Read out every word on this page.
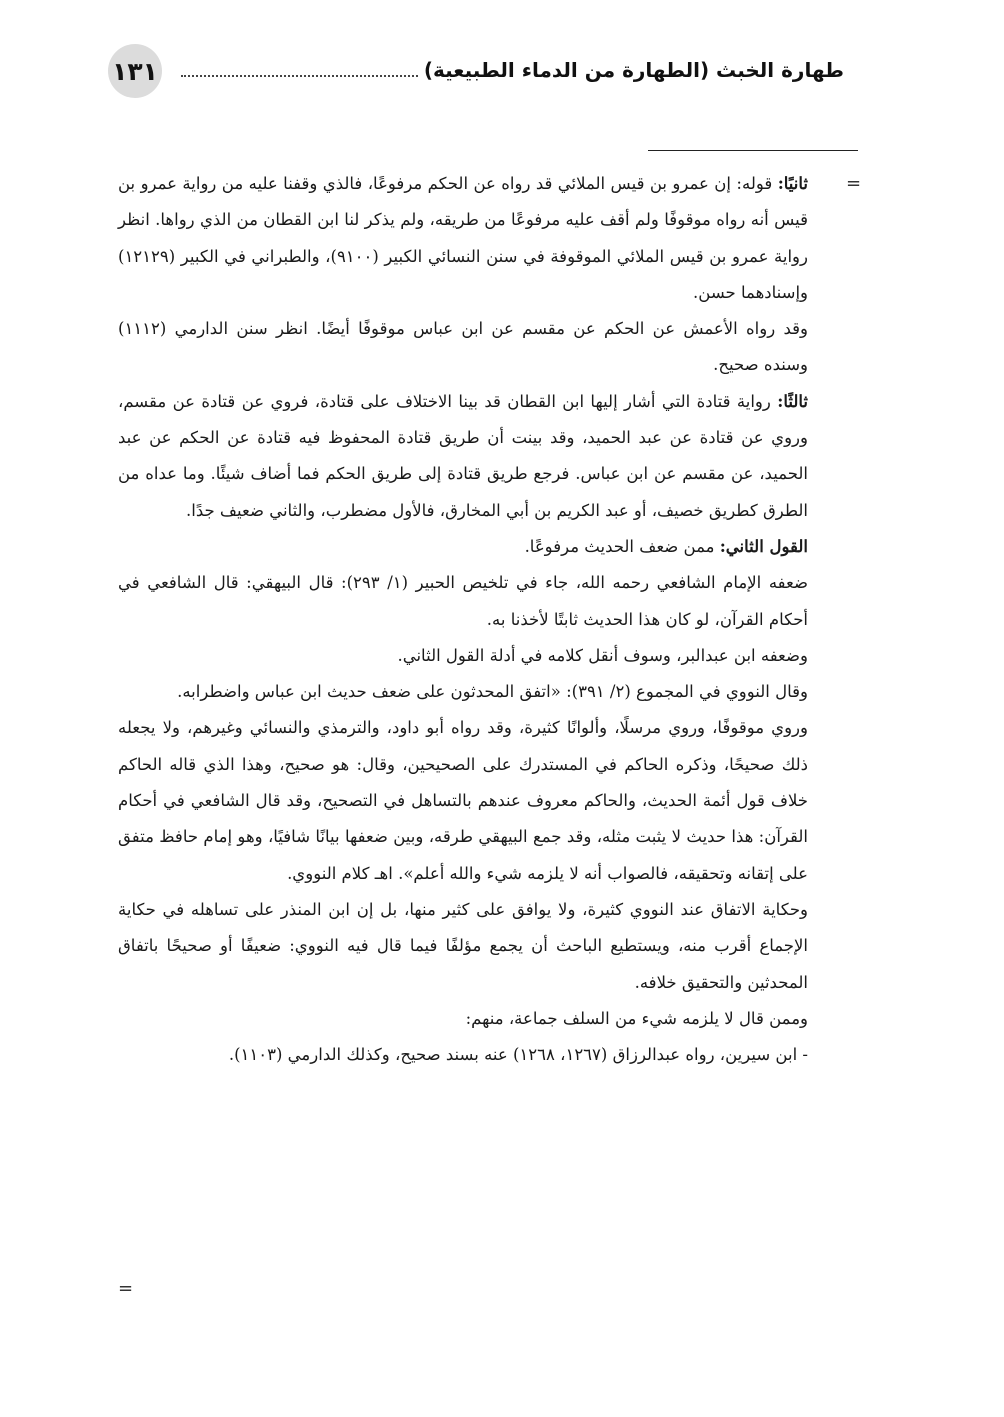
١٣١	طهارة الخبث (الطهارة من الدماء الطبيعية)
=

ثانيًا: قوله: إن عمرو بن قيس الملائي قد رواه عن الحكم مرفوعًا، فالذي وقفنا عليه من رواية عمرو بن قيس أنه رواه موقوفًا ولم أقف عليه مرفوعًا من طريقه، ولم يذكر لنا ابن القطان من الذي رواها. انظر رواية عمرو بن قيس الملائي الموقوفة في سنن النسائي الكبير (٩١٠٠)، والطبراني في الكبير (١٢١٢٩) وإسنادهما حسن.

وقد رواه الأعمش عن الحكم عن مقسم عن ابن عباس موقوفًا أيضًا. انظر سنن الدارمي (١١١٢) وسنده صحيح.

ثالثًا: رواية قتادة التي أشار إليها ابن القطان قد بينا الاختلاف على قتادة، فروي عن قتادة عن مقسم، وروي عن قتادة عن عبد الحميد، وقد بينت أن طريق قتادة المحفوظ فيه قتادة عن الحكم عن عبد الحميد، عن مقسم عن ابن عباس. فرجع طريق قتادة إلى طريق الحكم فما أضاف شيئًا. وما عداه من الطرق كطريق خصيف، أو عبد الكريم بن أبي المخارق، فالأول مضطرب، والثاني ضعيف جدًا.

القول الثاني: ممن ضعف الحديث مرفوعًا.

ضعفه الإمام الشافعي رحمه الله، جاء في تلخيص الحبير (١/ ٢٩٣): قال البيهقي: قال الشافعي في أحكام القرآن، لو كان هذا الحديث ثابتًا لأخذنا به.

وضعفه ابن عبدالبر، وسوف أنقل كلامه في أدلة القول الثاني.

وقال النووي في المجموع (٢/ ٣٩١): «اتفق المحدثون على ضعف حديث ابن عباس واضطرابه.

وروي موقوفًا، وروي مرسلًا، وألوانًا كثيرة، وقد رواه أبو داود، والترمذي والنسائي وغيرهم، ولا يجعله ذلك صحيحًا، وذكره الحاكم في المستدرك على الصحيحين، وقال: هو صحيح، وهذا الذي قاله الحاكم خلاف قول أئمة الحديث، والحاكم معروف عندهم بالتساهل في التصحيح، وقد قال الشافعي في أحكام القرآن: هذا حديث لا يثبت مثله، وقد جمع البيهقي طرقه، وبين ضعفها بيانًا شافيًا، وهو إمام حافظ متفق على إتقانه وتحقيقه، فالصواب أنه لا يلزمه شيء والله أعلم». اهـ كلام النووي.

وحكاية الاتفاق عند النووي كثيرة، ولا يوافق على كثير منها، بل إن ابن المنذر على تساهله في حكاية الإجماع أقرب منه، ويستطيع الباحث أن يجمع مؤلفًا فيما قال فيه النووي: ضعيفًا أو صحيحًا باتفاق المحدثين والتحقيق خلافه.

وممن قال لا يلزمه شيء من السلف جماعة، منهم:

- ابن سيرين، رواه عبدالرزاق (١٢٦٧، ١٢٦٨) عنه بسند صحيح، وكذلك الدارمي (١١٠٣).

=
